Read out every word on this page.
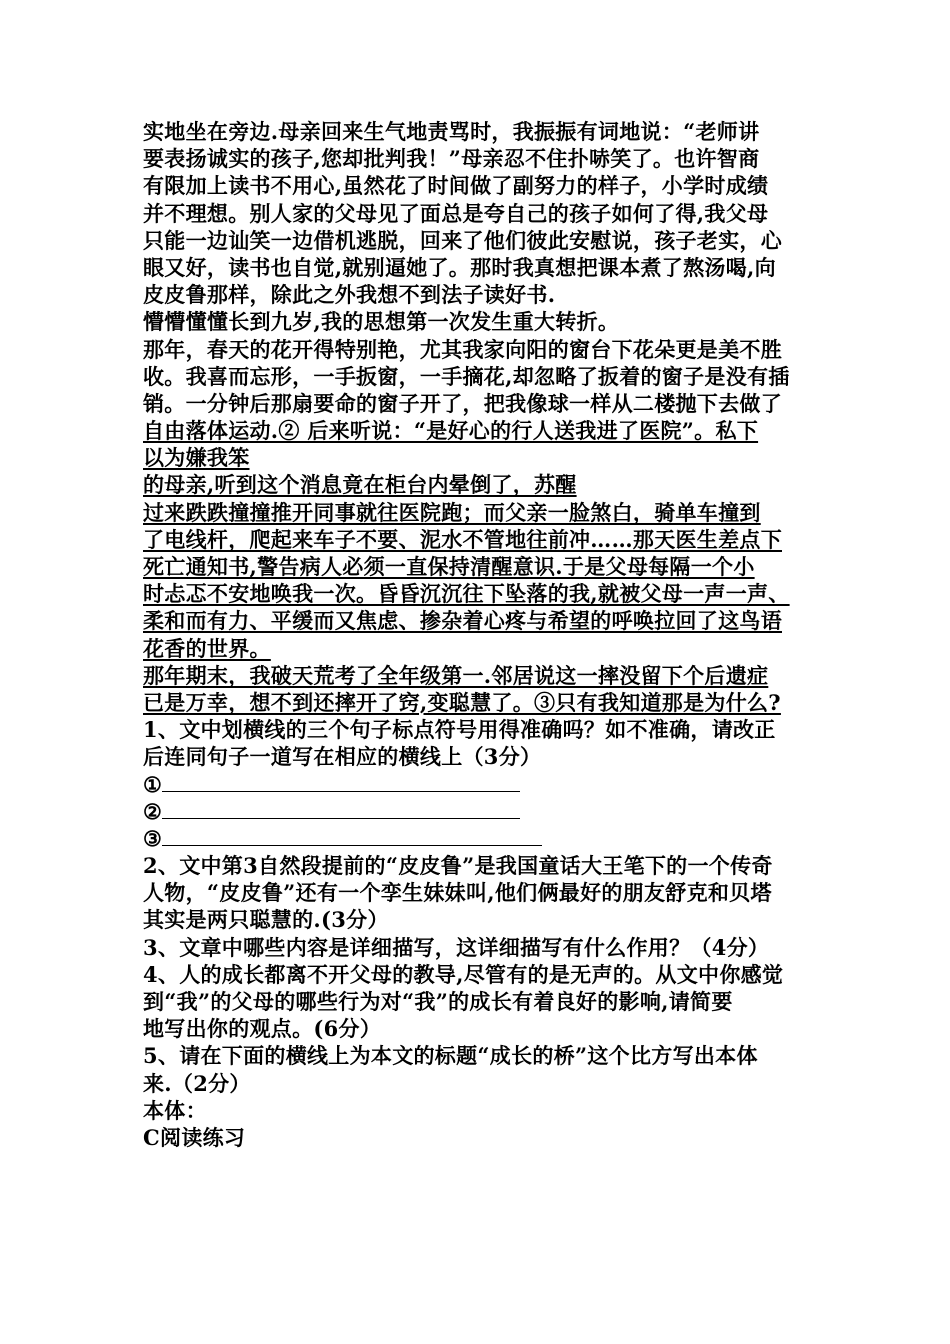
实地坐在旁边.母亲回来生气地责骂时，我振振有词地说：“老师讲
要表扬诚实的孩子,您却批判我！”母亲忍不住扑哧笑了。也许智商
有限加上读书不用心,虽然花了时间做了副努力的样子，小学时成绩
并不理想。别人家的父母见了面总是夸自己的孩子如何了得,我父母
只能一边讪笑一边借机逃脱，回来了他们彼此安慰说，孩子老实，心
眼又好，读书也自觉,就别逼她了。那时我真想把课本煮了熬汤喝,向
皮皮鲁那样，除此之外我想不到法子读好书.
懵懵懂懂长到九岁,我的思想第一次发生重大转折。
那年，春天的花开得特别艳，尤其我家向阳的窗台下花朵更是美不胜
收。我喜而忘形，一手扳窗，一手摘花,却忽略了扳着的窗子是没有插
销。一分钟后那扇要命的窗子开了，把我像球一样从二楼抛下去做了
自由落体运动.② 后来听说：“是好心的行人送我进了医院”。私下
以为嫌我笨
的母亲,听到这个消息竟在柜台内晕倒了，苏醒
过来跌跌撞撞推开同事就往医院跑；而父亲一脸煞白，骑单车撞到
了电线杆，爬起来车子不要、泥水不管地往前冲……那天医生差点下
死亡通知书,警告病人必须一直保持清醒意识.于是父母每隔一个小
时忐忑不安地唤我一次。昏昏沉沉往下坠落的我,就被父母一声一声、
柔和而有力、平缓而又焦虑、掺杂着心疼与希望的呼唤拉回了这鸟语
花香的世界。
那年期末，我破天荒考了全年级第一.邻居说这一摔没留下个后遗症
已是万幸，想不到还摔开了窍,变聪慧了。③只有我知道那是为什么?
1、文中划横线的三个句子标点符号用得准确吗？如不准确，请改正
后连同句子一道写在相应的横线上（3分）
①
②
③
2、文中第3自然段提前的“皮皮鲁”是我国童话大王笔下的一个传奇
人物，“皮皮鲁”还有一个孪生妹妹叫,他们俩最好的朋友舒克和贝塔
其实是两只聪慧的.(3分）
3、文章中哪些内容是详细描写，这详细描写有什么作用？（4分）
4、人的成长都离不开父母的教导,尽管有的是无声的。从文中你感觉
到“我”的父母的哪些行为对“我”的成长有着良好的影响,请简要
地写出你的观点。(6分）
5、请在下面的横线上为本文的标题“成长的桥”这个比方写出本体
来.（2分）
本体：
C阅读练习
